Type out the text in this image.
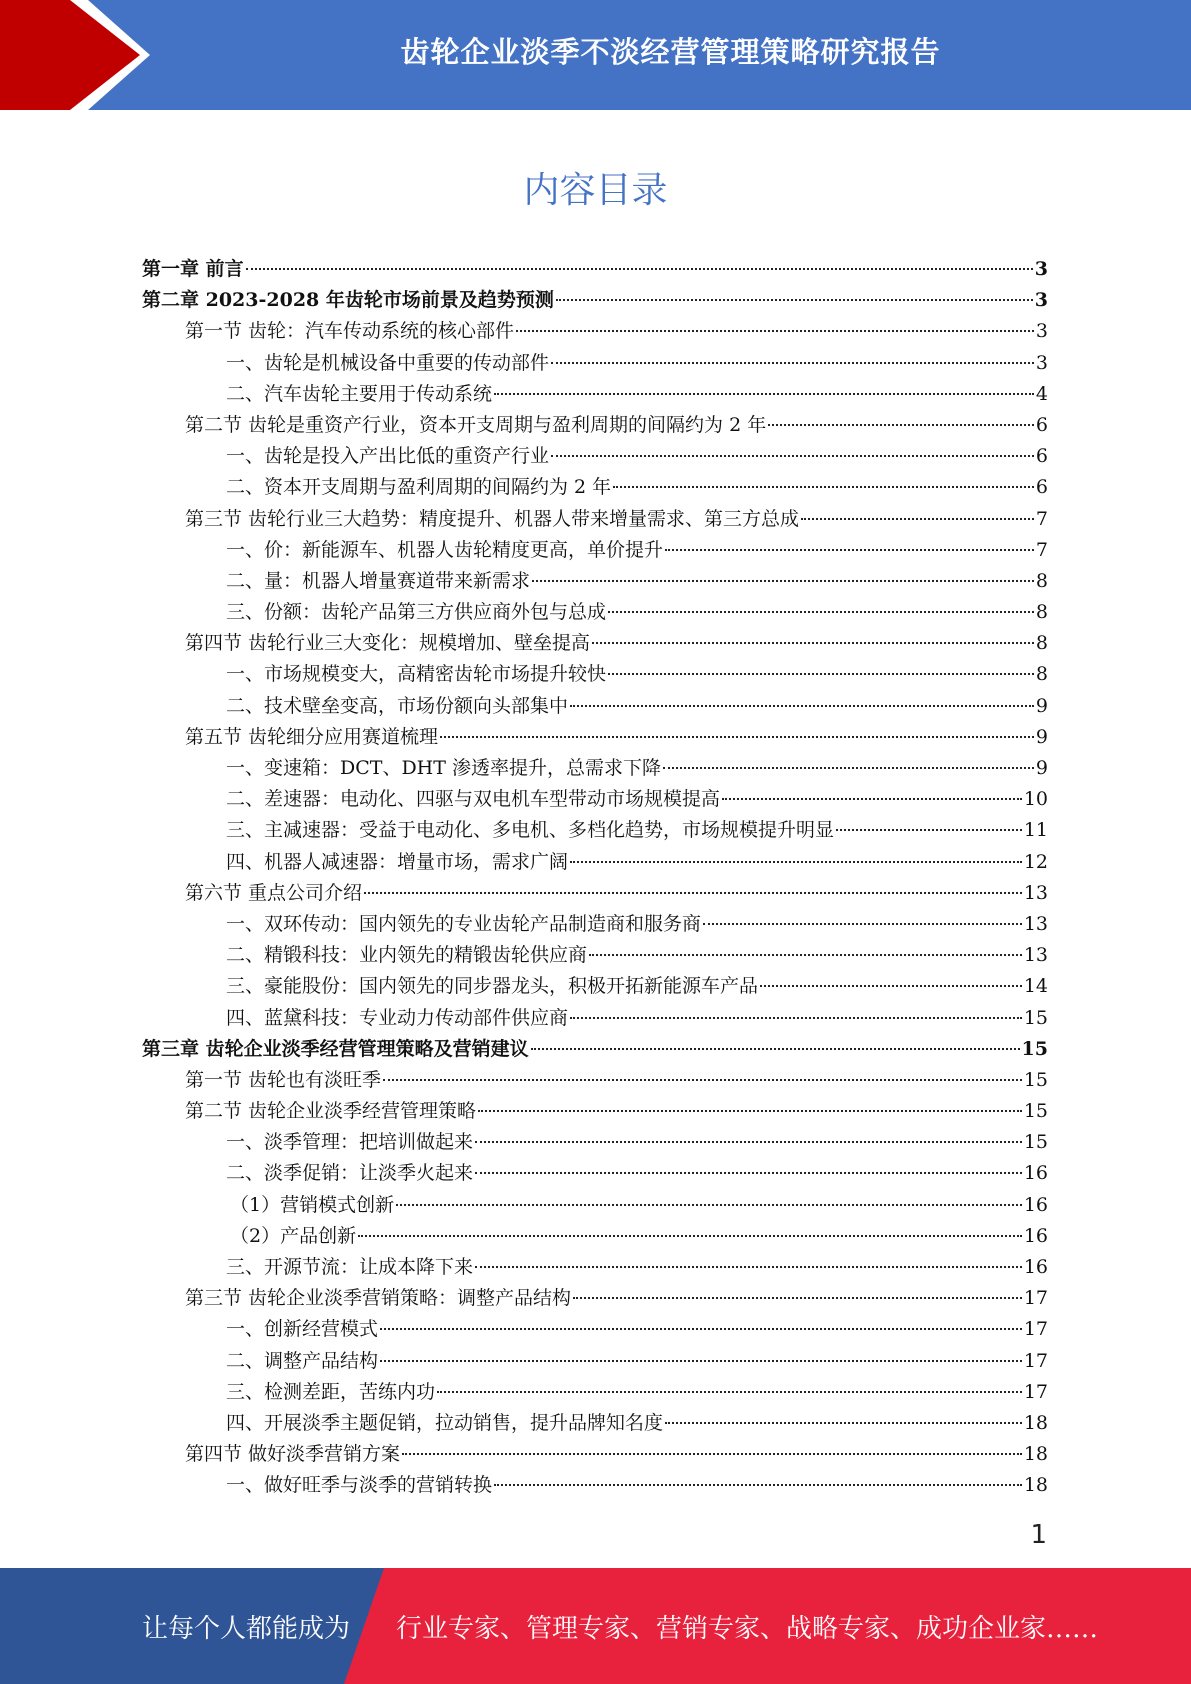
齿轮企业淡季不淡经营管理策略研究报告
内容目录
第一章 前言	3
第二章 2023-2028 年齿轮市场前景及趋势预测	3
第一节 齿轮：汽车传动系统的核心部件	3
一、齿轮是机械设备中重要的传动部件	3
二、汽车齿轮主要用于传动系统	4
第二节 齿轮是重资产行业，资本开支周期与盈利周期的间隔约为 2 年	6
一、齿轮是投入产出比低的重资产行业	6
二、资本开支周期与盈利周期的间隔约为 2 年	6
第三节 齿轮行业三大趋势：精度提升、机器人带来增量需求、第三方总成	7
一、价：新能源车、机器人齿轮精度更高，单价提升	7
二、量：机器人增量赛道带来新需求	8
三、份额：齿轮产品第三方供应商外包与总成	8
第四节 齿轮行业三大变化：规模增加、壁垒提高	8
一、市场规模变大，高精密齿轮市场提升较快	8
二、技术壁垒变高，市场份额向头部集中	9
第五节 齿轮细分应用赛道梳理	9
一、变速箱：DCT、DHT 渗透率提升，总需求下降	9
二、差速器：电动化、四驱与双电机车型带动市场规模提高	10
三、主减速器：受益于电动化、多电机、多档化趋势，市场规模提升明显	11
四、机器人减速器：增量市场，需求广阔	12
第六节 重点公司介绍	13
一、双环传动：国内领先的专业齿轮产品制造商和服务商	13
二、精锻科技：业内领先的精锻齿轮供应商	13
三、豪能股份：国内领先的同步器龙头，积极开拓新能源车产品	14
四、蓝黛科技：专业动力传动部件供应商	15
第三章 齿轮企业淡季经营管理策略及营销建议	15
第一节 齿轮也有淡旺季	15
第二节 齿轮企业淡季经营管理策略	15
一、淡季管理：把培训做起来	15
二、淡季促销：让淡季火起来	16
（1）营销模式创新	16
（2）产品创新	16
三、开源节流：让成本降下来	16
第三节 齿轮企业淡季营销策略：调整产品结构	17
一、创新经营模式	17
二、调整产品结构	17
三、检测差距，苦练内功	17
四、开展淡季主题促销，拉动销售，提升品牌知名度	18
第四节 做好淡季营销方案	18
一、做好旺季与淡季的营销转换	18
1
让每个人都能成为 行业专家、管理专家、营销专家、战略专家、成功企业家……
